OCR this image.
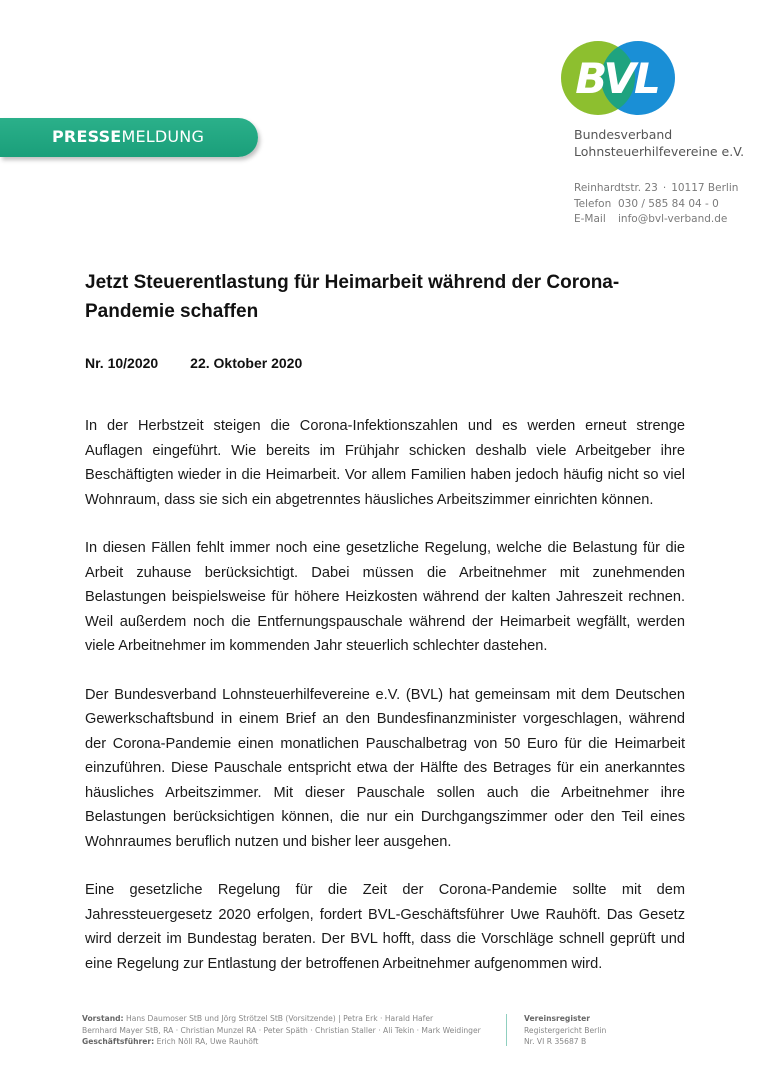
PRESSEMELDUNG
BVL
Bundesverband
Lohnsteuerhilfevereine e.V.
Reinhardtstr. 23 · 10117 Berlin
Telefon 030 / 585 84 04 - 0
E-Mail info@bvl-verband.de
Jetzt Steuerentlastung für Heimarbeit während der Corona-Pandemie schaffen
Nr. 10/2020 22. Oktober 2020

In der Herbstzeit steigen die Corona-Infektionszahlen und es werden erneut strenge Auflagen eingeführt. Wie bereits im Frühjahr schicken deshalb viele Arbeitgeber ihre Beschäftigten wieder in die Heimarbeit. Vor allem Familien haben jedoch häufig nicht so viel Wohnraum, dass sie sich ein abgetrenntes häusliches Arbeitszimmer einrichten können.

In diesen Fällen fehlt immer noch eine gesetzliche Regelung, welche die Belastung für die Arbeit zuhause berücksichtigt. Dabei müssen die Arbeitnehmer mit zunehmenden Belastungen beispielsweise für höhere Heizkosten während der kalten Jahreszeit rechnen. Weil außerdem noch die Entfernungspauschale während der Heimarbeit wegfällt, werden viele Arbeitnehmer im kommenden Jahr steuerlich schlechter dastehen.

Der Bundesverband Lohnsteuerhilfevereine e.V. (BVL) hat gemeinsam mit dem Deutschen Gewerkschaftsbund in einem Brief an den Bundesfinanzminister vorgeschlagen, während der Corona-Pandemie einen monatlichen Pauschalbetrag von 50 Euro für die Heimarbeit einzuführen. Diese Pauschale entspricht etwa der Hälfte des Betrages für ein anerkanntes häusliches Arbeitszimmer. Mit dieser Pauschale sollen auch die Arbeitnehmer ihre Belastungen berücksichtigen können, die nur ein Durchgangszimmer oder den Teil eines Wohnraumes beruflich nutzen und bisher leer ausgehen.

Eine gesetzliche Regelung für die Zeit der Corona-Pandemie sollte mit dem Jahressteuergesetz 2020 erfolgen, fordert BVL-Geschäftsführer Uwe Rauhöft. Das Gesetz wird derzeit im Bundestag beraten. Der BVL hofft, dass die Vorschläge schnell geprüft und eine Regelung zur Entlastung der betroffenen Arbeitnehmer aufgenommen wird.

Vorstand: Hans Daumoser StB und Jörg Strötzel StB (Vorsitzende) | Petra Erk · Harald Hafer
Bernhard Mayer StB, RA · Christian Munzel RA · Peter Späth · Christian Staller · Ali Tekin · Mark Weidinger
Geschäftsführer: Erich Nöll RA, Uwe Rauhöft
Vereinsregister
Registergericht Berlin
Nr. VI R 35687 B
